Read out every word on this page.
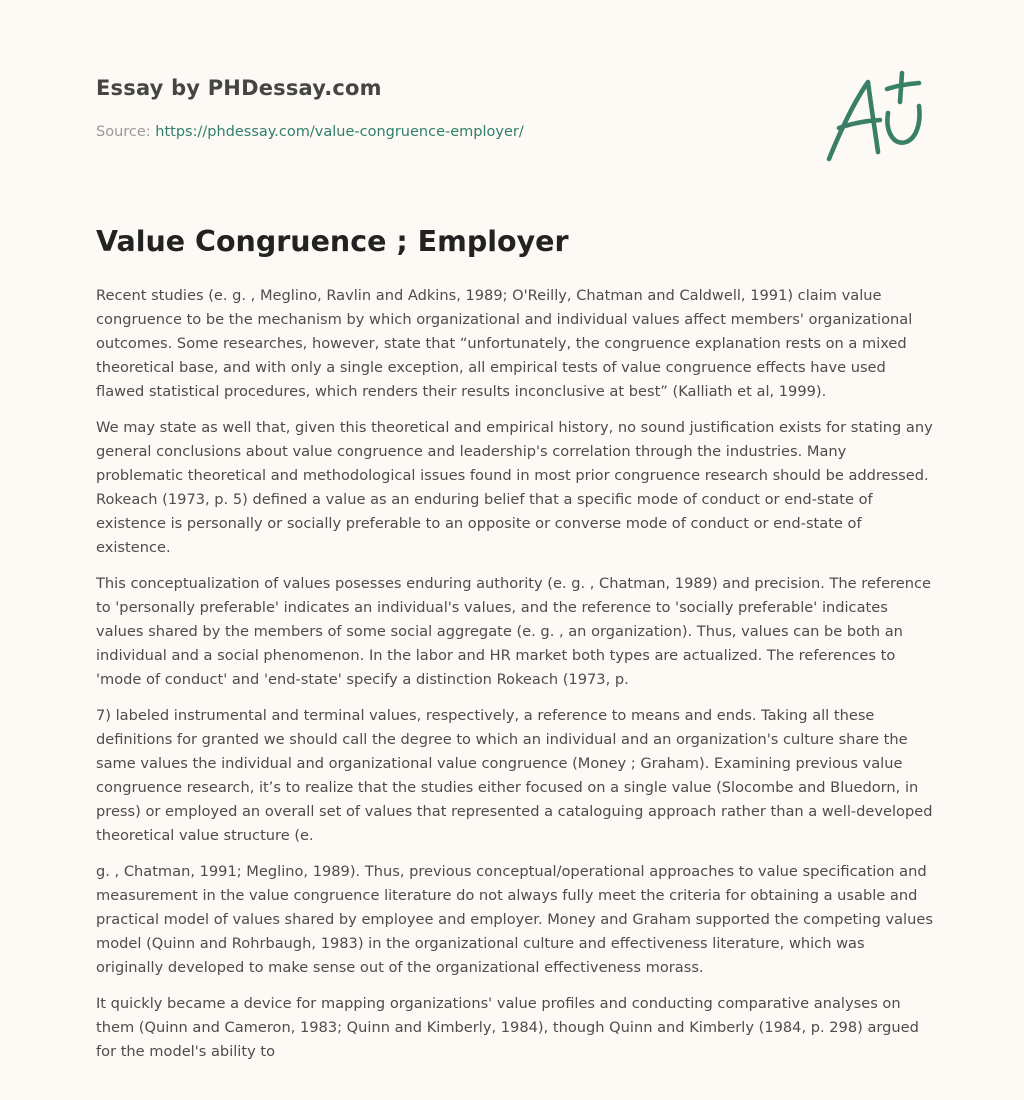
Essay by PHDessay.com
Source: https://phdessay.com/value-congruence-employer/
Value Congruence ; Employer

Recent studies (e. g. , Meglino, Ravlin and Adkins, 1989; O'Reilly, Chatman and Caldwell, 1991) claim value congruence to be the mechanism by which organizational and individual values affect members' organizational outcomes. Some researches, however, state that “unfortunately, the congruence explanation rests on a mixed theoretical base, and with only a single exception, all empirical tests of value congruence effects have used flawed statistical procedures, which renders their results inconclusive at best” (Kalliath et al, 1999).

We may state as well that, given this theoretical and empirical history, no sound justification exists for stating any general conclusions about value congruence and leadership's correlation through the industries. Many problematic theoretical and methodological issues found in most prior congruence research should be addressed. Rokeach (1973, p. 5) defined a value as an enduring belief that a specific mode of conduct or end-state of existence is personally or socially preferable to an opposite or converse mode of conduct or end-state of existence.

This conceptualization of values posesses enduring authority (e. g. , Chatman, 1989) and precision. The reference to 'personally preferable' indicates an individual's values, and the reference to 'socially preferable' indicates values shared by the members of some social aggregate (e. g. , an organization). Thus, values can be both an individual and a social phenomenon. In the labor and HR market both types are actualized. The references to 'mode of conduct' and 'end-state' specify a distinction Rokeach (1973, p.

7) labeled instrumental and terminal values, respectively, a reference to means and ends. Taking all these definitions for granted we should call the degree to which an individual and an organization's culture share the same values the individual and organizational value congruence (Money ; Graham). Examining previous value congruence research, it’s to realize that the studies either focused on a single value (Slocombe and Bluedorn, in press) or employed an overall set of values that represented a cataloguing approach rather than a well-developed theoretical value structure (e.

g. , Chatman, 1991; Meglino, 1989). Thus, previous conceptual/operational approaches to value specification and measurement in the value congruence literature do not always fully meet the criteria for obtaining a usable and practical model of values shared by employee and employer. Money and Graham supported the competing values model (Quinn and Rohrbaugh, 1983) in the organizational culture and effectiveness literature, which was originally developed to make sense out of the organizational effectiveness morass.

It quickly became a device for mapping organizations' value profiles and conducting comparative analyses on them (Quinn and Cameron, 1983; Quinn and Kimberly, 1984), though Quinn and Kimberly (1984, p. 298) argued for the model's ability to
